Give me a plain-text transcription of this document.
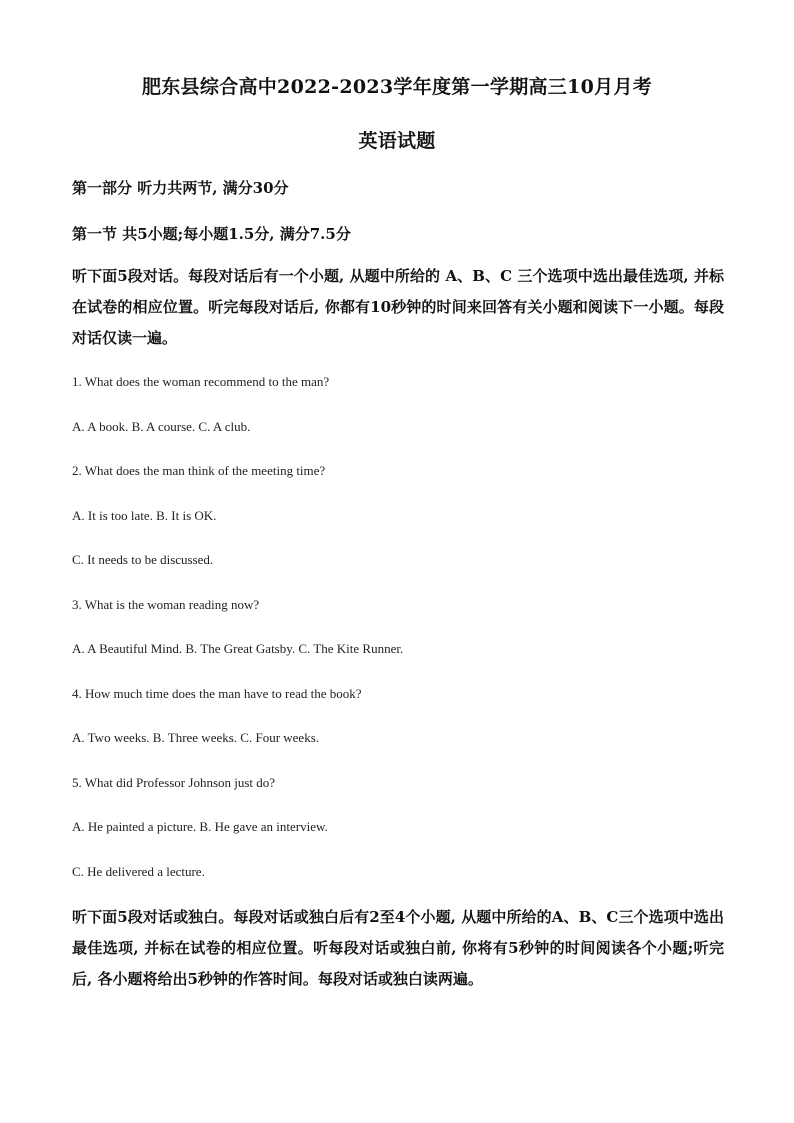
肥东县综合高中2022-2023学年度第一学期高三10月月考
英语试题
第一部分 听力共两节, 满分30分
第一节 共5小题;每小题1.5分, 满分7.5分
听下面5段对话。每段对话后有一个小题, 从题中所给的 A、B、C 三个选项中选出最佳选项, 并标在试卷的相应位置。听完每段对话后, 你都有10秒钟的时间来回答有关小题和阅读下一小题。每段对话仅读一遍。
1. What does the woman recommend to the man?
A. A book. B. A course. C. A club.
2. What does the man think of the meeting time?
A. It is too late. B. It is OK.
C. It needs to be discussed.
3. What is the woman reading now?
A. A Beautiful Mind. B. The Great Gatsby. C. The Kite Runner.
4. How much time does the man have to read the book?
A. Two weeks. B. Three weeks. C. Four weeks.
5. What did Professor Johnson just do?
A. He painted a picture. B. He gave an interview.
C. He delivered a lecture.
听下面5段对话或独白。每段对话或独白后有2至4个小题, 从题中所给的A、B、C三个选项中选出最佳选项, 并标在试卷的相应位置。听每段对话或独白前, 你将有5秒钟的时间阅读各个小题;听完后, 各小题将给出5秒钟的作答时间。每段对话或独白读两遍。
